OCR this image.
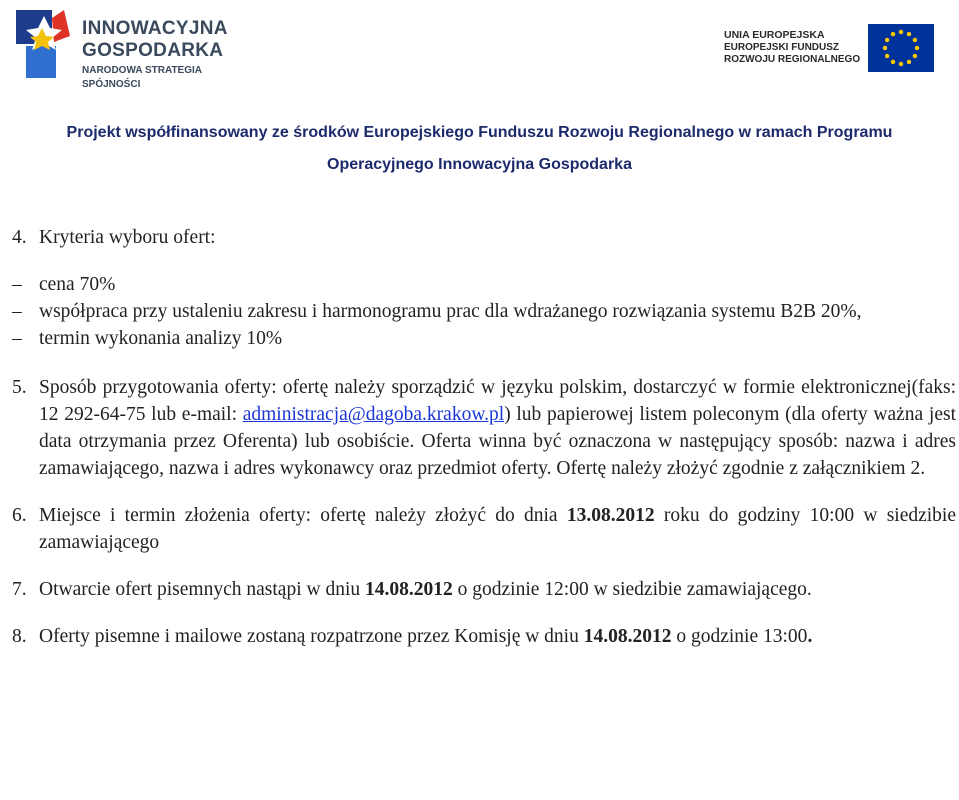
INNOWACYJNA
GOSPODARKA
NARODOWA STRATEGIA SPÓJNOŚCI
UNIA EUROPEJSKA
EUROPEJSKI FUNDUSZ
ROZWOJU REGIONALNEGO
Projekt współfinansowany ze środków Europejskiego Funduszu Rozwoju Regionalnego w ramach Programu
Operacyjnego Innowacyjna Gospodarka
4. Kryteria wyboru ofert:
– cena 70%
– współpraca przy ustaleniu zakresu i harmonogramu prac dla wdrażanego rozwiązania systemu B2B 20%,
– termin wykonania analizy 10%
5. Sposób przygotowania oferty: ofertę należy sporządzić w języku polskim, dostarczyć w formie elektronicznej(faks: 12 292-64-75 lub e-mail: administracja@dagoba.krakow.pl) lub papierowej listem poleconym (dla oferty ważna jest data otrzymania przez Oferenta) lub osobiście. Oferta winna być oznaczona w następujący sposób: nazwa i adres zamawiającego, nazwa i adres wykonawcy oraz przedmiot oferty. Ofertę należy złożyć zgodnie z załącznikiem 2.
6. Miejsce i termin złożenia oferty: ofertę należy złożyć do dnia 13.08.2012 roku do godziny 10:00 w siedzibie zamawiającego
7. Otwarcie ofert pisemnych nastąpi w dniu 14.08.2012 o godzinie 12:00 w siedzibie zamawiającego.
8. Oferty pisemne i mailowe zostaną rozpatrzone przez Komisję w dniu 14.08.2012 o godzinie 13:00.
